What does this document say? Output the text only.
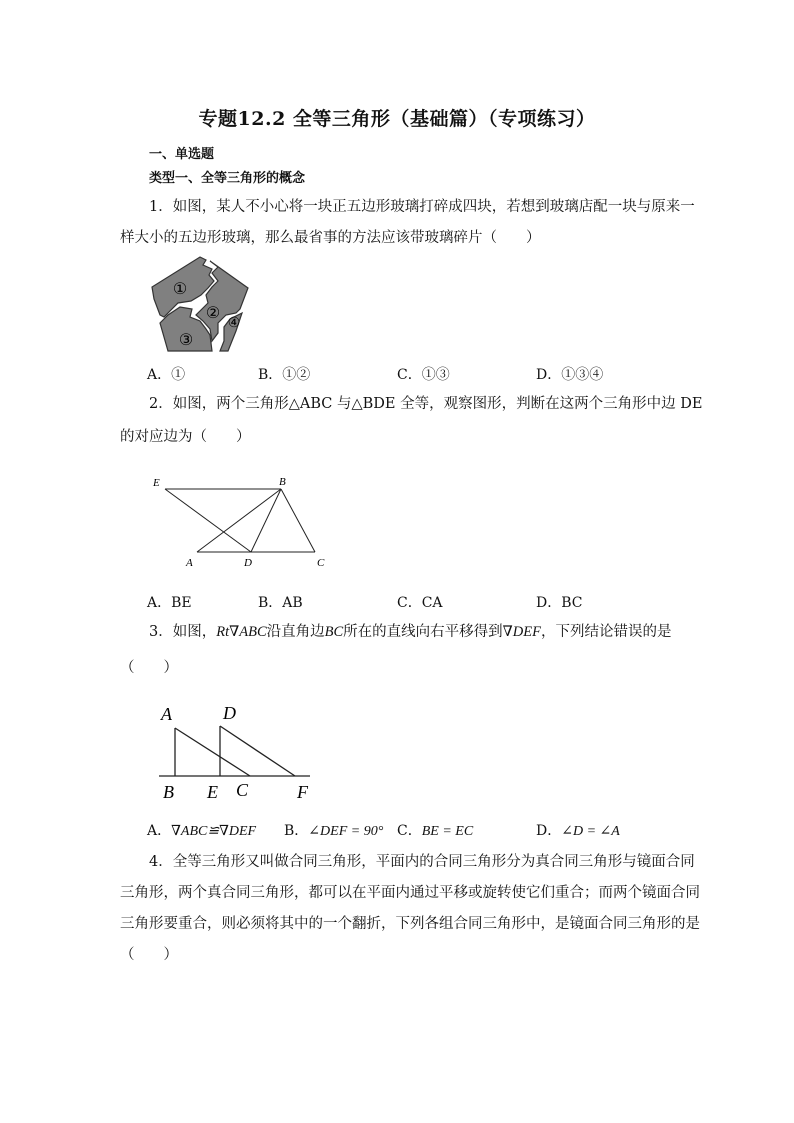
专题12.2 全等三角形（基础篇）（专项练习）
一、单选题
类型一、全等三角形的概念
1．如图，某人不小心将一块正五边形玻璃打碎成四块，若想到玻璃店配一块与原来一
样大小的五边形玻璃，那么最省事的方法应该带玻璃碎片（　　）
①
②
③
④
A．①	B．①②	C．①③	D．①③④
2．如图，两个三角形△ABC 与△BDE 全等，观察图形，判断在这两个三角形中边 DE
的对应边为（　　）
E	B
A	D	C
A．BE	B．AB	C．CA	D．BC
3．如图，Rt∇ABC沿直角边BC所在的直线向右平移得到∇DEF，下列结论错误的是
（　　）
A	D
B E C	F
A．∇ABC≌∇DEF B．∠DEF = 90° C．BE = EC	D．∠D = ∠A
4．全等三角形又叫做合同三角形，平面内的合同三角形分为真合同三角形与镜面合同
三角形，两个真合同三角形，都可以在平面内通过平移或旋转使它们重合；而两个镜面合同
三角形要重合，则必须将其中的一个翻折，下列各组合同三角形中，是镜面合同三角形的是
（　　）
